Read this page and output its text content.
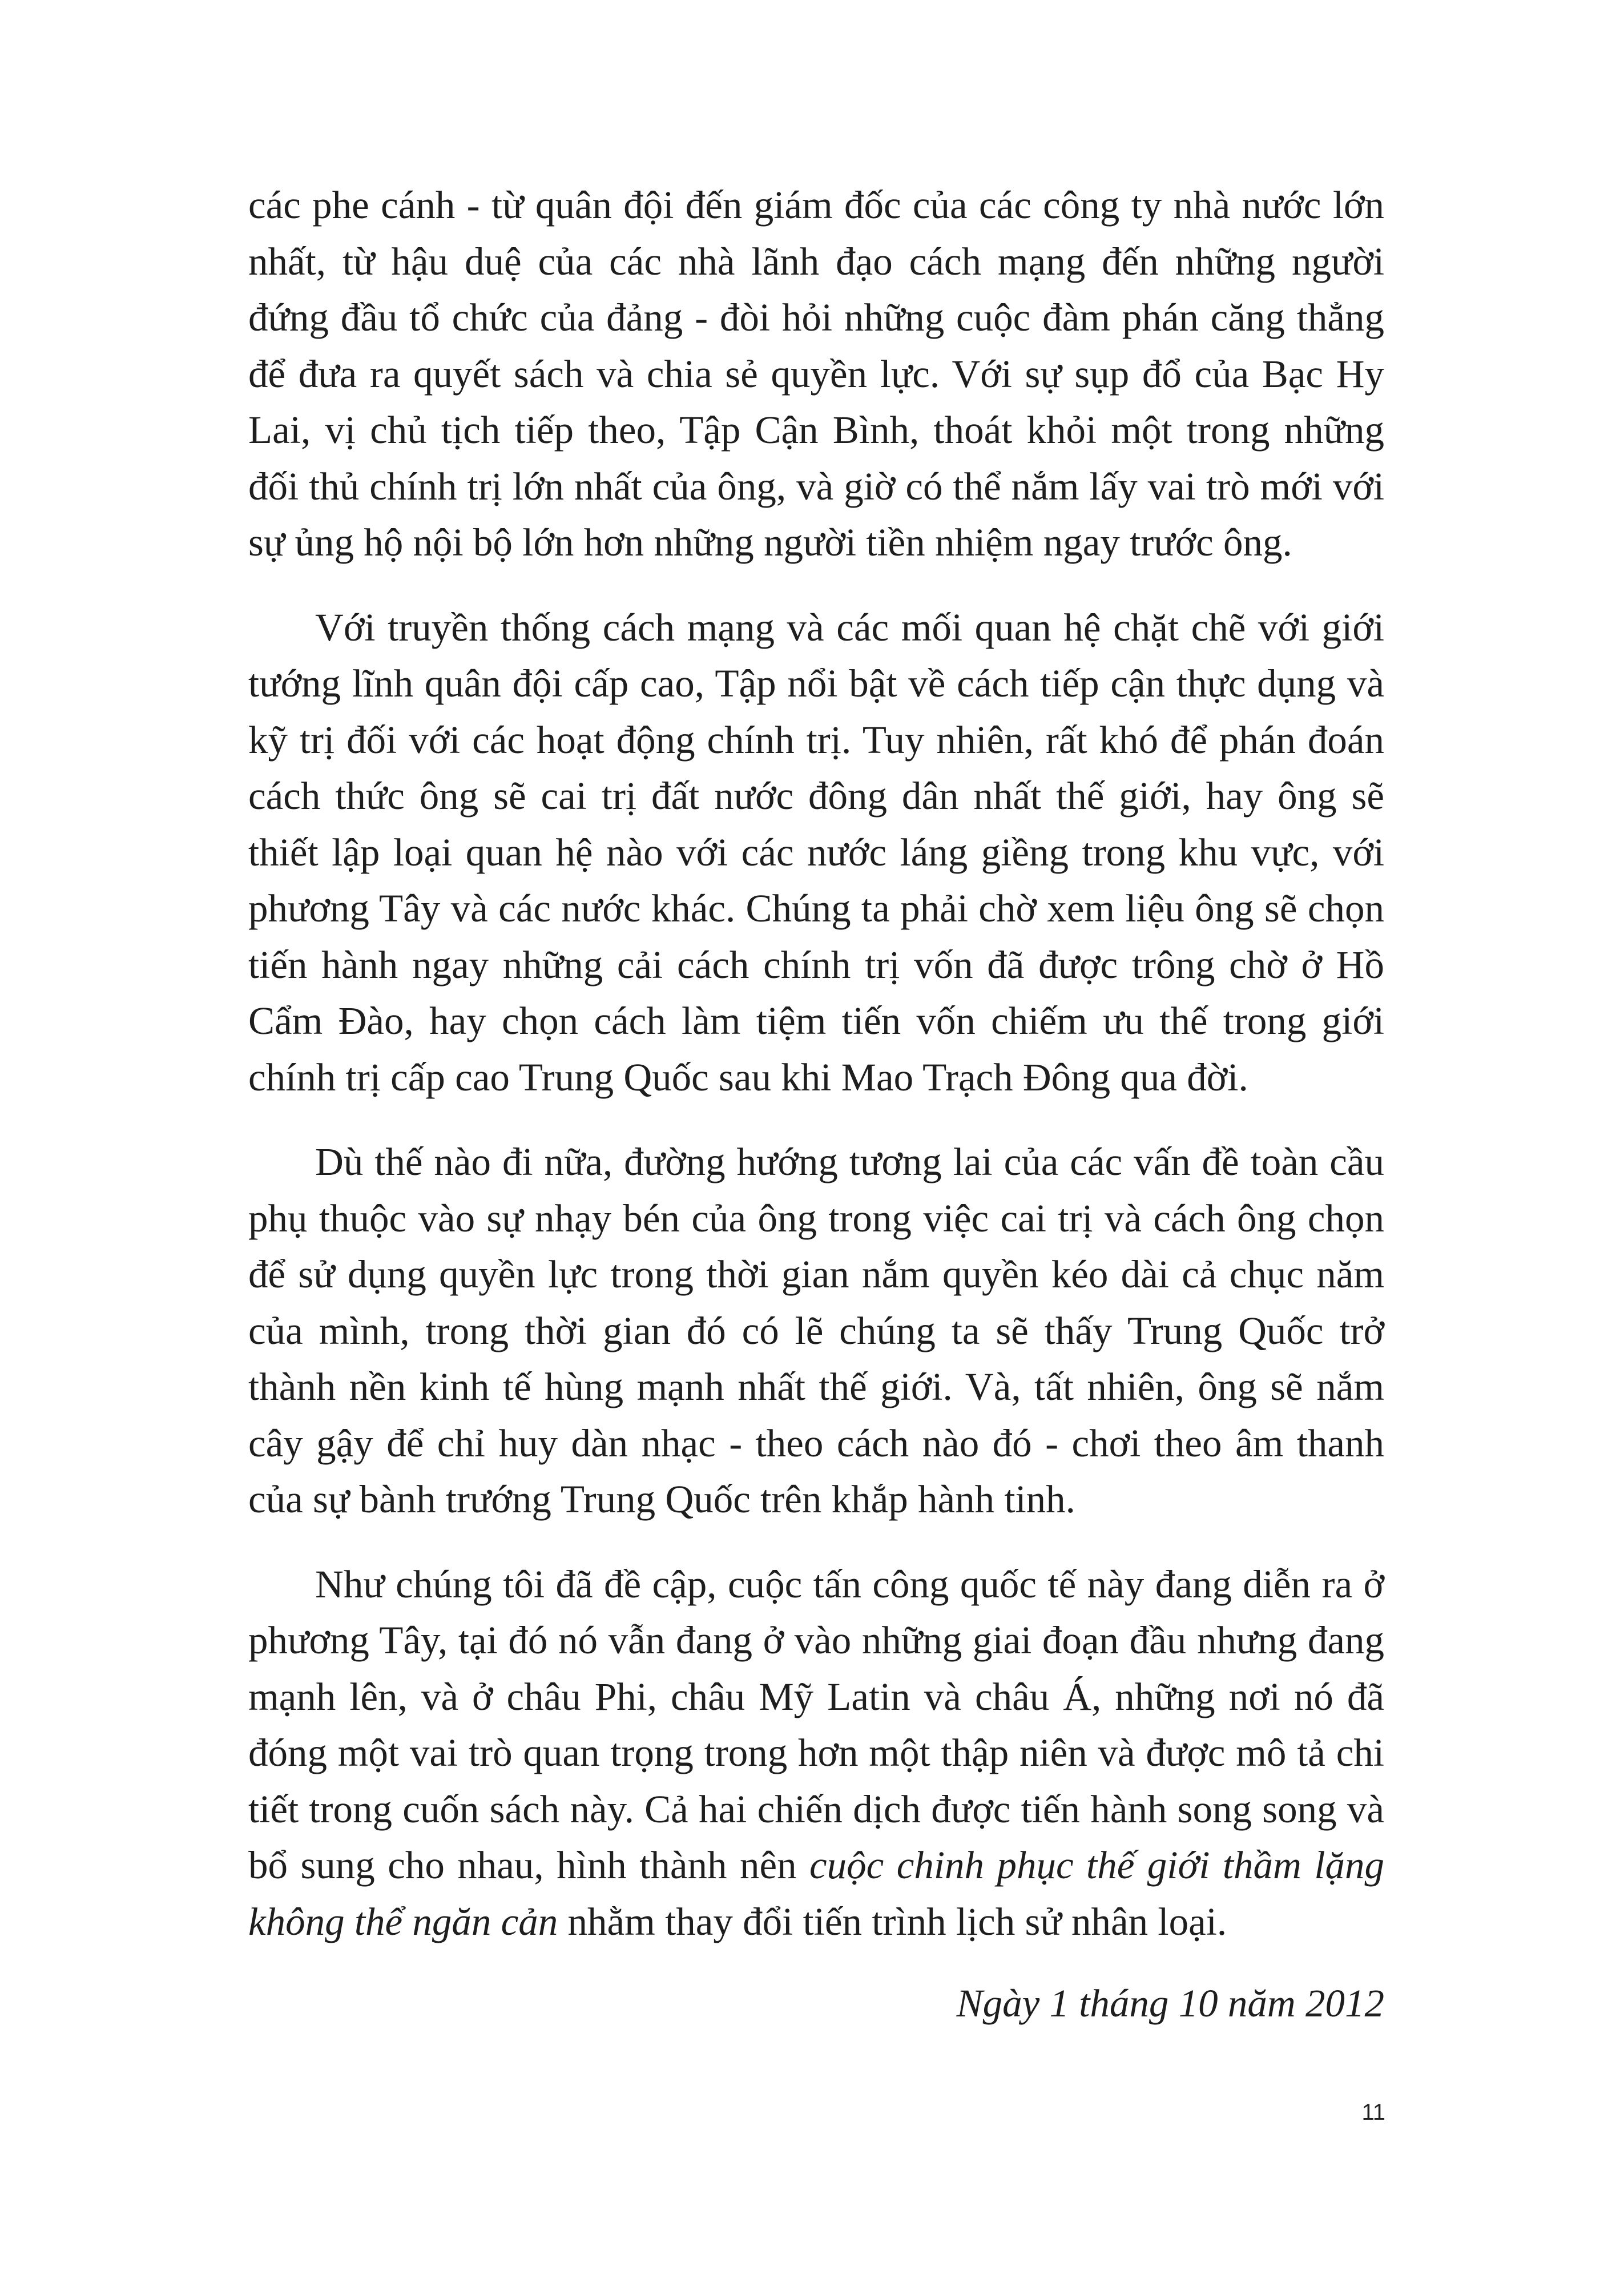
các phe cánh - từ quân đội đến giám đốc của các công ty nhà nước lớn nhất, từ hậu duệ của các nhà lãnh đạo cách mạng đến những người đứng đầu tổ chức của đảng - đòi hỏi những cuộc đàm phán căng thẳng để đưa ra quyết sách và chia sẻ quyền lực. Với sự sụp đổ của Bạc Hy Lai, vị chủ tịch tiếp theo, Tập Cận Bình, thoát khỏi một trong những đối thủ chính trị lớn nhất của ông, và giờ có thể nắm lấy vai trò mới với sự ủng hộ nội bộ lớn hơn những người tiền nhiệm ngay trước ông.

Với truyền thống cách mạng và các mối quan hệ chặt chẽ với giới tướng lĩnh quân đội cấp cao, Tập nổi bật về cách tiếp cận thực dụng và kỹ trị đối với các hoạt động chính trị. Tuy nhiên, rất khó để phán đoán cách thức ông sẽ cai trị đất nước đông dân nhất thế giới, hay ông sẽ thiết lập loại quan hệ nào với các nước láng giềng trong khu vực, với phương Tây và các nước khác. Chúng ta phải chờ xem liệu ông sẽ chọn tiến hành ngay những cải cách chính trị vốn đã được trông chờ ở Hồ Cẩm Đào, hay chọn cách làm tiệm tiến vốn chiếm ưu thế trong giới chính trị cấp cao Trung Quốc sau khi Mao Trạch Đông qua đời.

Dù thế nào đi nữa, đường hướng tương lai của các vấn đề toàn cầu phụ thuộc vào sự nhạy bén của ông trong việc cai trị và cách ông chọn để sử dụng quyền lực trong thời gian nắm quyền kéo dài cả chục năm của mình, trong thời gian đó có lẽ chúng ta sẽ thấy Trung Quốc trở thành nền kinh tế hùng mạnh nhất thế giới. Và, tất nhiên, ông sẽ nắm cây gậy để chỉ huy dàn nhạc - theo cách nào đó - chơi theo âm thanh của sự bành trướng Trung Quốc trên khắp hành tinh.

Như chúng tôi đã đề cập, cuộc tấn công quốc tế này đang diễn ra ở phương Tây, tại đó nó vẫn đang ở vào những giai đoạn đầu nhưng đang mạnh lên, và ở châu Phi, châu Mỹ Latin và châu Á, những nơi nó đã đóng một vai trò quan trọng trong hơn một thập niên và được mô tả chi tiết trong cuốn sách này. Cả hai chiến dịch được tiến hành song song và bổ sung cho nhau, hình thành nên cuộc chinh phục thế giới thầm lặng không thể ngăn cản nhằm thay đổi tiến trình lịch sử nhân loại.

Ngày 1 tháng 10 năm 2012
11
